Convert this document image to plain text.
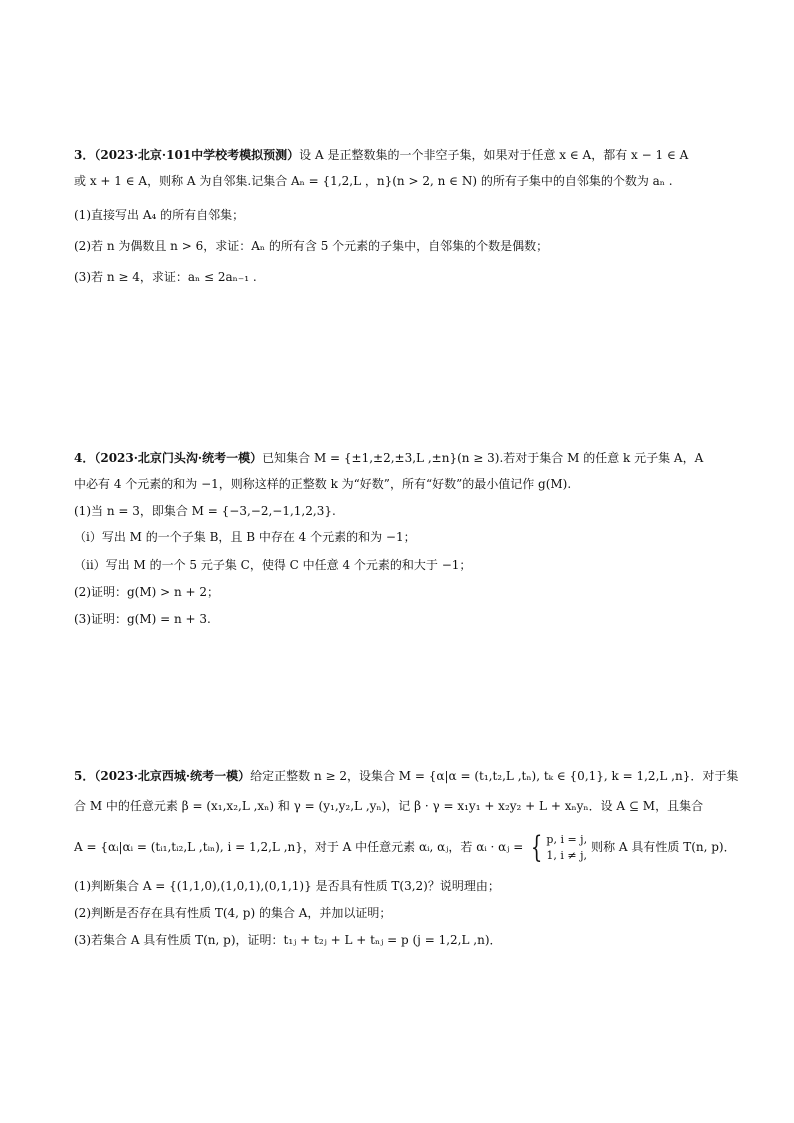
3．（2023·北京·101中学校考模拟预测）设 A 是正整数集的一个非空子集，如果对于任意 x ∈ A，都有 x − 1 ∈ A
或 x + 1 ∈ A，则称 A 为自邻集.记集合 Aₙ = {1,2,L ，n}(n > 2, n ∈ N) 的所有子集中的自邻集的个数为 aₙ .
(1)直接写出 A₄ 的所有自邻集；
(2)若 n 为偶数且 n > 6，求证：Aₙ 的所有含 5 个元素的子集中，自邻集的个数是偶数；
(3)若 n ≥ 4，求证：aₙ ≤ 2aₙ₋₁ .
4．（2023·北京门头沟·统考一模）已知集合 M = {±1,±2,±3,L ,±n}(n ≥ 3).若对于集合 M 的任意 k 元子集 A，A
中必有 4 个元素的和为 −1，则称这样的正整数 k 为“好数”，所有“好数”的最小值记作 g(M).
(1)当 n = 3，即集合 M = {−3,−2,−1,1,2,3}.
（i）写出 M 的一个子集 B，且 B 中存在 4 个元素的和为 −1；
（ii）写出 M 的一个 5 元子集 C，使得 C 中任意 4 个元素的和大于 −1；
(2)证明：g(M) > n + 2；
(3)证明：g(M) = n + 3.
5．（2023·北京西城·统考一模）给定正整数 n ≥ 2，设集合 M = {α|α = (t₁,t₂,L ,tₙ), tₖ ∈ {0,1}, k = 1,2,L ,n}．对于集
合 M 中的任意元素 β = (x₁,x₂,L ,xₙ) 和 γ = (y₁,y₂,L ,yₙ)，记 β · γ = x₁y₁ + x₂y₂ + L + xₙyₙ．设 A ⊆ M，且集合
A = {αᵢ|αᵢ = (tᵢ₁,tᵢ₂,L ,tᵢₙ), i = 1,2,L ,n}，对于 A 中任意元素 αᵢ, αⱼ，若 αᵢ · αⱼ = { p, i = j,
1, i ≠ j,
则称 A 具有性质 T(n, p)．
(1)判断集合 A = {(1,1,0),(1,0,1),(0,1,1)} 是否具有性质 T(3,2)？说明理由；
(2)判断是否存在具有性质 T(4, p) 的集合 A，并加以证明；
(3)若集合 A 具有性质 T(n, p)，证明：t₁ⱼ + t₂ⱼ + L + tₙⱼ = p (j = 1,2,L ,n)．
